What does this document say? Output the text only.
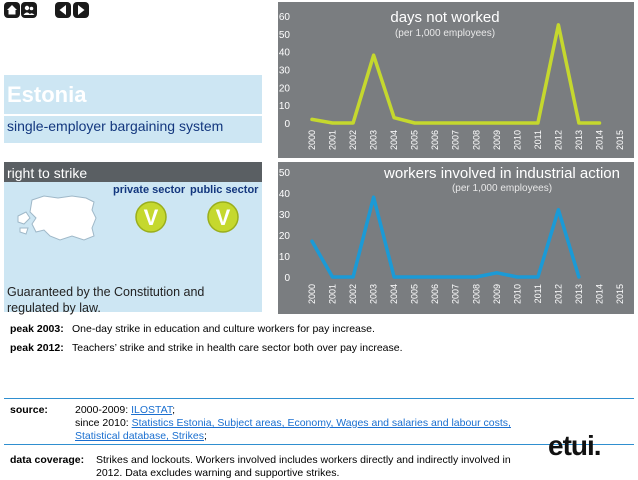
Estonia
single-employer bargaining system
right to strike
private sector public sector
V	V
Guaranteed by the Constitution and regulated by law.
0
10
20
30
40
50
60
2000 2001 2002 2003 2004 2005 2006 2007 2008 2009 2010 2011 2012 2013 2014 2015
days not worked
(per 1,000 employees)
0
10
20
30
40
50
2000 2001 2002 2003 2004 2005 2006 2007 2008 2009 2010 2011 2012 2013 2014 2015
workers involved in industrial action
(per 1,000 employees)
peak 2003: One-day strike in education and culture workers for pay increase.
peak 2012: Teachers’ strike and strike in health care sector both over pay increase.
source:	2000-2009: ILOSTAT;
since 2010: Statistics Estonia, Subject areas, Economy, Wages and salaries and labour costs, Statistical database, Strikes;
data coverage: Strikes and lockouts. Workers involved includes workers directly and indirectly involved in 2012. Data excludes warning and supportive strikes.
etui.
